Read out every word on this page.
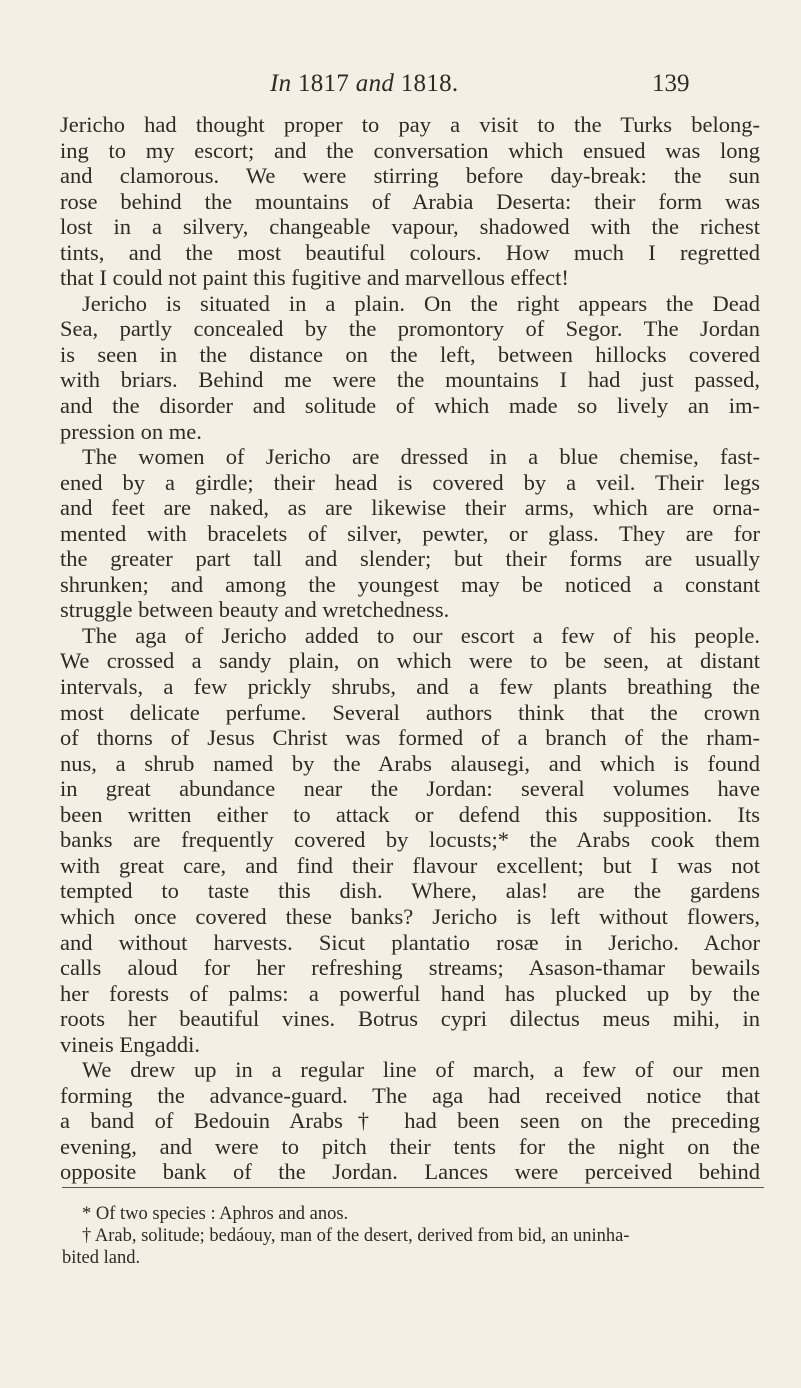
In 1817 and 1818.	139
Jericho had thought proper to pay a visit to the Turks belong-
ing to my escort; and the conversation which ensued was long
and clamorous. We were stirring before day-break: the sun
rose behind the mountains of Arabia Deserta: their form was
lost in a silvery, changeable vapour, shadowed with the richest
tints, and the most beautiful colours. How much I regretted
that I could not paint this fugitive and marvellous effect!
Jericho is situated in a plain. On the right appears the Dead
Sea, partly concealed by the promontory of Segor. The Jordan
is seen in the distance on the left, between hillocks covered
with briars. Behind me were the mountains I had just passed,
and the disorder and solitude of which made so lively an im-
pression on me.
The women of Jericho are dressed in a blue chemise, fast-
ened by a girdle; their head is covered by a veil. Their legs
and feet are naked, as are likewise their arms, which are orna-
mented with bracelets of silver, pewter, or glass. They are for
the greater part tall and slender; but their forms are usually
shrunken; and among the youngest may be noticed a constant
struggle between beauty and wretchedness.
The aga of Jericho added to our escort a few of his people.
We crossed a sandy plain, on which were to be seen, at distant
intervals, a few prickly shrubs, and a few plants breathing the
most delicate perfume. Several authors think that the crown
of thorns of Jesus Christ was formed of a branch of the rham-
nus, a shrub named by the Arabs alausegi, and which is found
in great abundance near the Jordan: several volumes have
been written either to attack or defend this supposition. Its
banks are frequently covered by locusts;* the Arabs cook them
with great care, and find their flavour excellent; but I was not
tempted to taste this dish. Where, alas! are the gardens
which once covered these banks? Jericho is left without flowers,
and without harvests. Sicut plantatio rosæ in Jericho. Achor
calls aloud for her refreshing streams; Asason-thamar bewails
her forests of palms: a powerful hand has plucked up by the
roots her beautiful vines. Botrus cypri dilectus meus mihi, in
vineis Engaddi.
We drew up in a regular line of march, a few of our men
forming the advance-guard. The aga had received notice that
a band of Bedouin Arabs† had been seen on the preceding
evening, and were to pitch their tents for the night on the
opposite bank of the Jordan. Lances were perceived behind
* Of two species : Aphros and anos.
† Arab, solitude; bedáouy, man of the desert, derived from bid, an uninha-
bited land.
